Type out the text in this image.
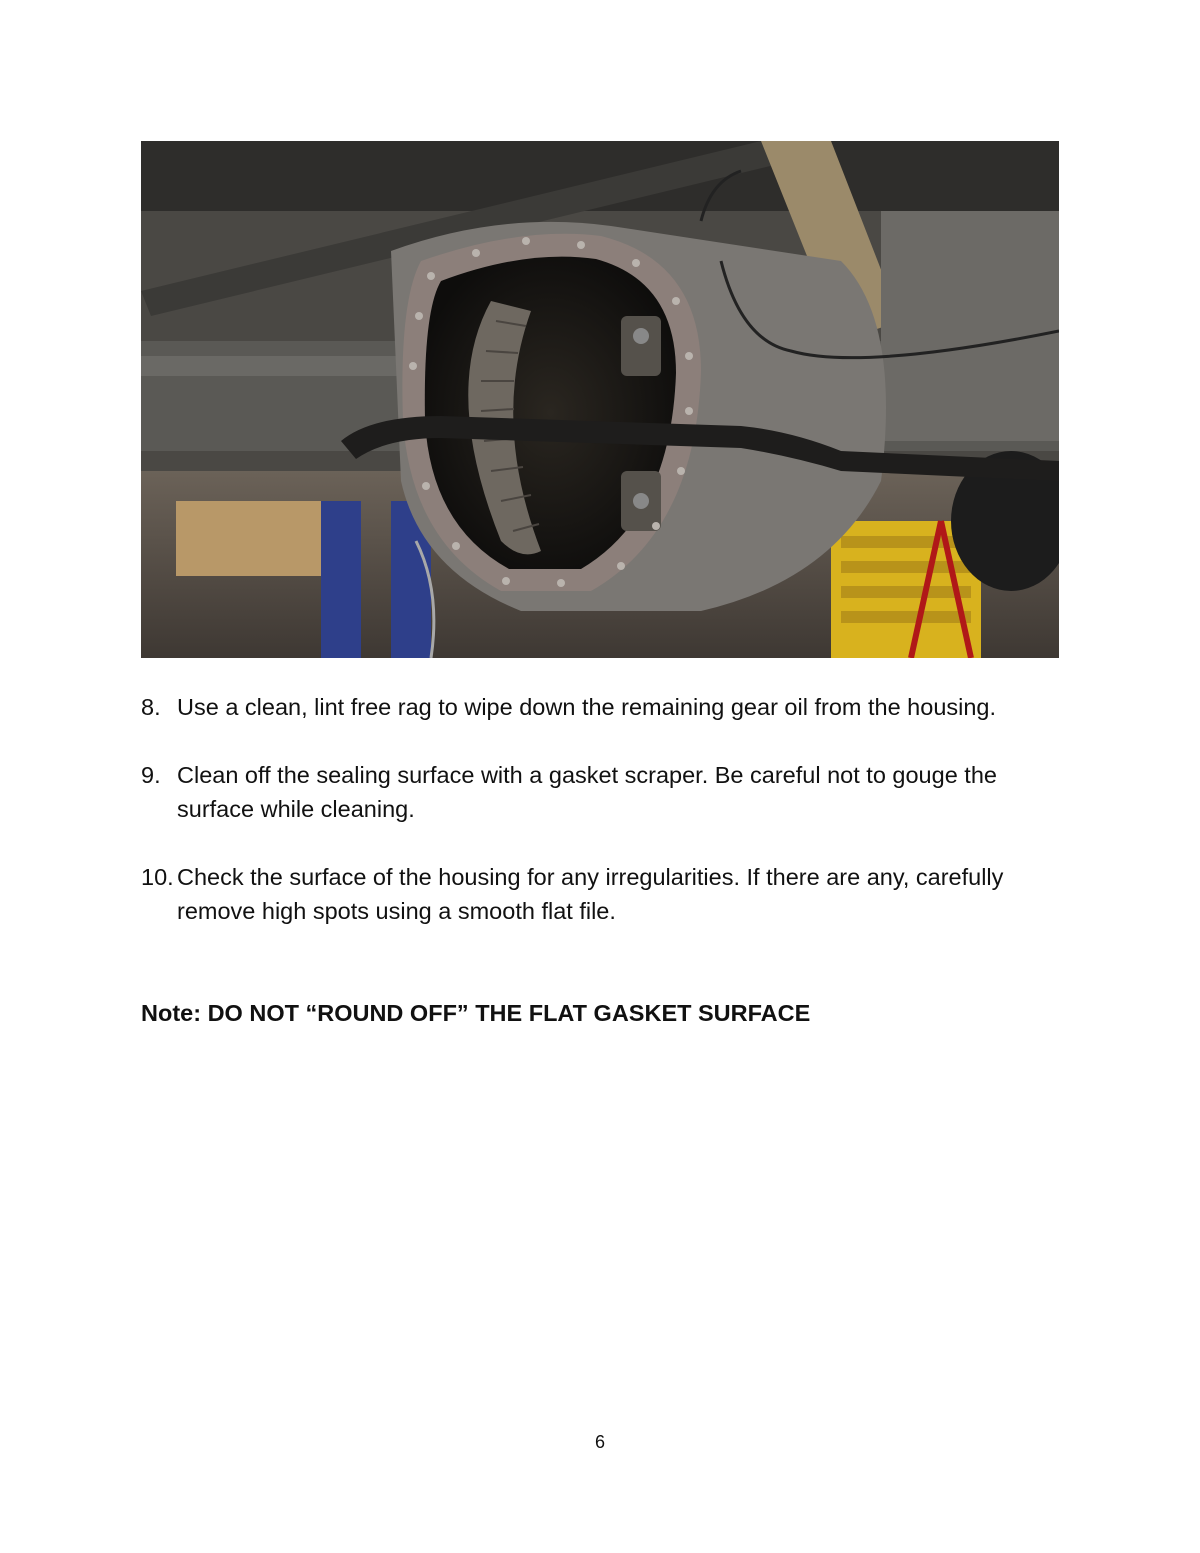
8. Use a clean, lint free rag to wipe down the remaining gear oil from the housing.
9. Clean off the sealing surface with a gasket scraper. Be careful not to gouge the surface while cleaning.
10. Check the surface of the housing for any irregularities. If there are any, carefully remove high spots using a smooth flat file.

Note: DO NOT “ROUND OFF” THE FLAT GASKET SURFACE

6
